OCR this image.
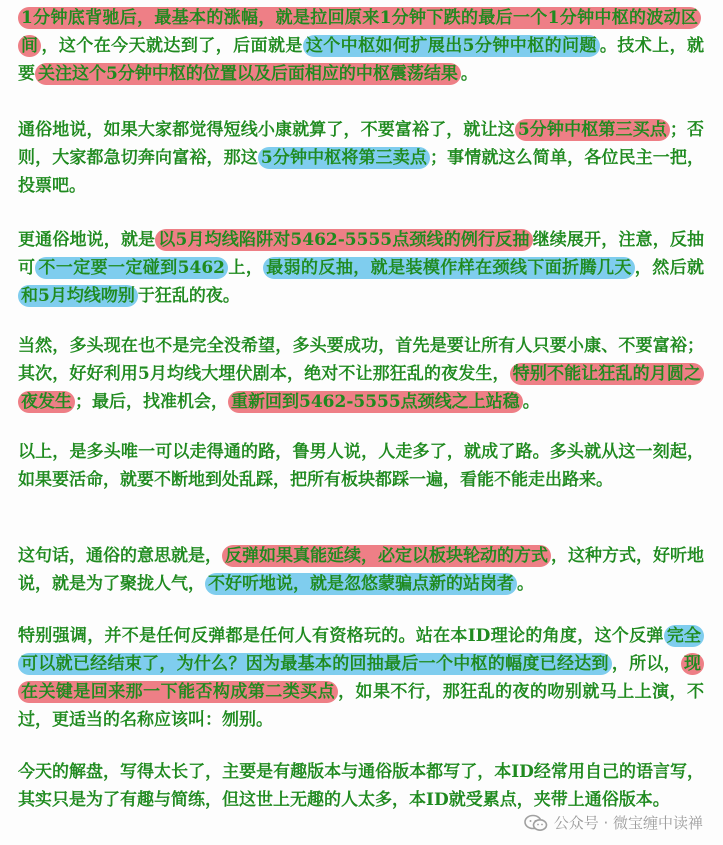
1分钟底背驰后，最基本的涨幅，就是拉回原来1分钟下跌的最后一个1分钟中枢的波动区间 ，这个在今天就达到了，后面就是 这个中枢如何扩展出5分钟中枢的问题 。技术上，就要 关注这个5分钟中枢的位置以及后面相应的中枢震荡结果 。

通俗地说，如果大家都觉得短线小康就算了，不要富裕了，就让这 5分钟中枢第三买点 ；否则，大家都急切奔向富裕，那这 5分钟中枢将第三卖点 ；事情就这么简单，各位民主一把，投票吧。

更通俗地说，就是 以5月均线陷阱对5462-5555点颈线的例行反抽 继续展开，注意，反抽可 不一定要一定碰到5462 上， 最弱的反抽，就是装模作样在颈线下面折腾几天 ，然后就和5月均线吻别 于狂乱的夜。

当然，多头现在也不是完全没希望，多头要成功，首先是要让所有人只要小康、不要富裕；其次，好好利用5月均线大埋伏剧本，绝对不让那狂乱的夜发生， 特别不能让狂乱的月圆之夜发生 ；最后，找准机会， 重新回到5462-5555点颈线之上站稳 。

以上，是多头唯一可以走得通的路，鲁男人说，人走多了，就成了路。多头就从这一刻起，如果要活命，就要不断地到处乱踩，把所有板块都踩一遍，看能不能走出路来。

这句话，通俗的意思就是， 反弹如果真能延续，必定以板块轮动的方式 ，这种方式，好听地说，就是为了聚拢人气， 不好听地说，就是忽悠蒙骗点新的站岗者 。

特别强调，并不是任何反弹都是任何人有资格玩的。站在本ID理论的角度，这个反弹 完全可以就已经结束了，为什么？因为最基本的回抽最后一个中枢的幅度已经达到 ，所以， 现在关键是回来那一下能否构成第二类买点 ，如果不行，那狂乱的夜的吻别就马上上演，不过，更适当的名称应该叫：刎别。

今天的解盘，写得太长了，主要是有趣版本与通俗版本都写了，本ID经常用自己的语言写，其实只是为了有趣与简练，但这世上无趣的人太多，本ID就受累点，夹带上通俗版本。

公众号 · 微宝缠中读禅
